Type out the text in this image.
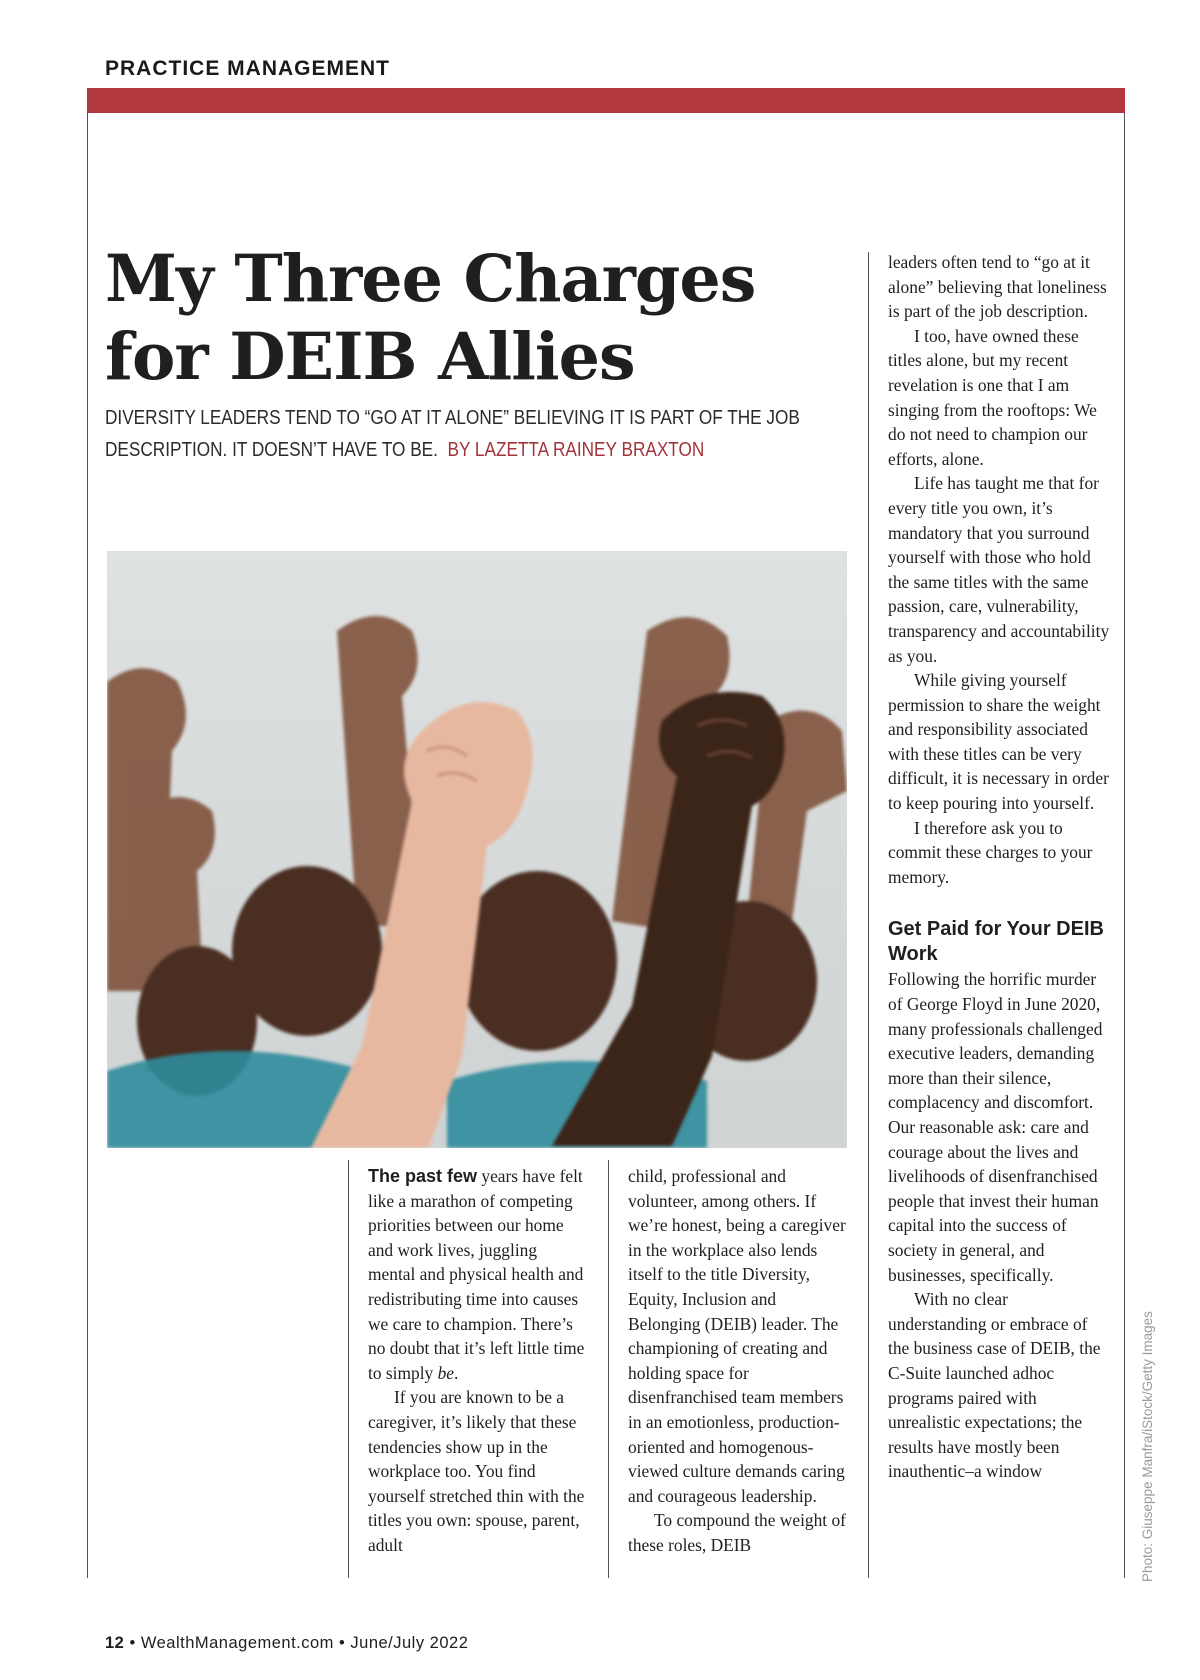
PRACTICE MANAGEMENT
My Three Charges
for DEIB Allies
DIVERSITY LEADERS TEND TO “GO AT IT ALONE” BELIEVING IT IS PART OF THE JOB DESCRIPTION. IT DOESN’T HAVE TO BE. BY LAZETTA RAINEY BRAXTON

The past few years have felt like a marathon of competing priorities between our home and work lives, juggling mental and physical health and redistributing time into causes we care to champion. There’s no doubt that it’s left little time to simply be.

If you are known to be a caregiver, it’s likely that these tendencies show up in the workplace too. You find yourself stretched thin with the titles you own: spouse, parent, adult

child, professional and volunteer, among others. If we’re honest, being a caregiver in the workplace also lends itself to the title Diversity, Equity, Inclusion and Belonging (DEIB) leader. The championing of creating and holding space for disenfranchised team members in an emotionless, production-oriented and homogenous-viewed culture demands caring and courageous leadership.

To compound the weight of these roles, DEIB

leaders often tend to “go at it alone” believing that loneliness is part of the job description.

I too, have owned these titles alone, but my recent revelation is one that I am singing from the rooftops: We do not need to champion our efforts, alone.

Life has taught me that for every title you own, it’s mandatory that you surround yourself with those who hold the same titles with the same passion, care, vulnerability, transparency and accountability as you.

While giving yourself permission to share the weight and responsibility associated with these titles can be very difficult, it is necessary in order to keep pouring into yourself.

I therefore ask you to commit these charges to your memory.

Get Paid for Your DEIB Work

Following the horrific murder of George Floyd in June 2020, many professionals challenged executive leaders, demanding more than their silence, complacency and discomfort. Our reasonable ask: care and courage about the lives and livelihoods of disenfranchised people that invest their human capital into the success of society in general, and businesses, specifically.

With no clear understanding or embrace of the business case of DEIB, the C-Suite launched adhoc programs paired with unrealistic expectations; the results have mostly been inauthentic–a window	Photo: Giuseppe Manfra/iStock/Getty Images
12 • WealthManagement.com • June/July 2022
